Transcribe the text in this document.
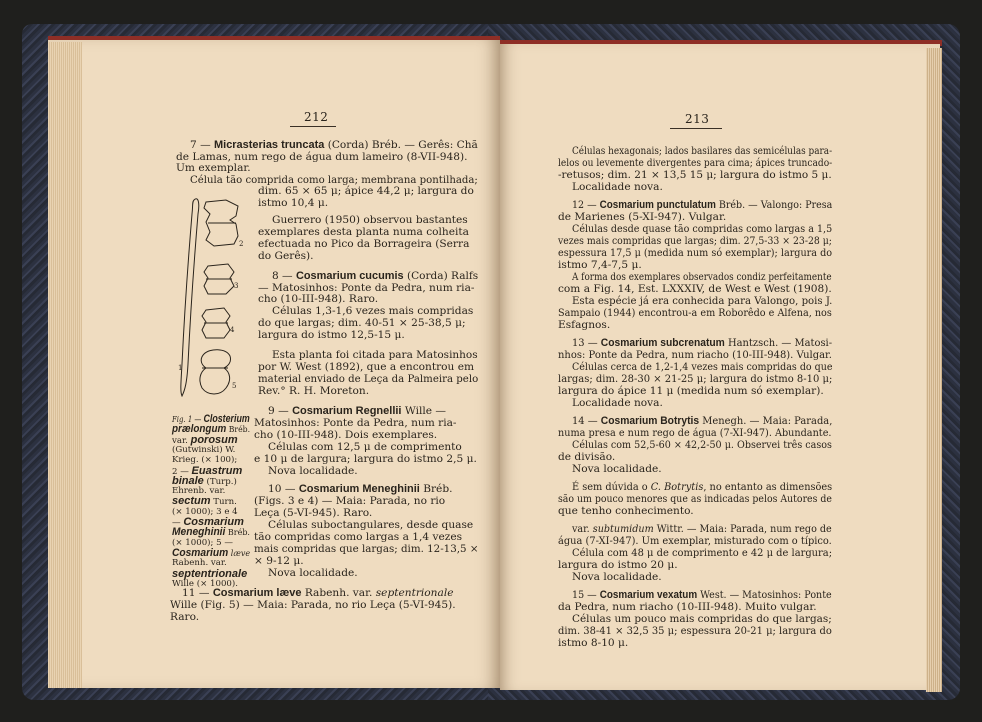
212	213
7 — Micrasterias truncata (Corda) Bréb. — Gerês: Chã
de Lamas, num rego de água dum lameiro (8-VII-948).
Um exemplar.
Célula tão comprida como larga; membrana pontilhada;
dim. 65 × 65 μ; ápice 44,2 μ; largura do
istmo 10,4 μ.
Guerrero (1950) observou bastantes
exemplares desta planta numa colheita
efectuada no Pico da Borrageira (Serra
do Gerês).
8 — Cosmarium cucumis (Corda) Ralfs
— Matosinhos: Ponte da Pedra, num ria-
cho (10-III-948). Raro.
Células 1,3-1,6 vezes mais compridas
do que largas; dim. 40-51 × 25-38,5 μ;
largura do istmo 12,5-15 μ.
Esta planta foi citada para Matosinhos
por W. West (1892), que a encontrou em
material enviado de Leça da Palmeira pelo
Rev.° R. H. Moreton.
9 — Cosmarium Regnellii Wille —
Matosinhos: Ponte da Pedra, num ria-
cho (10-III-948). Dois exemplares.
Células com 12,5 μ de comprimento
e 10 μ de largura; largura do istmo 2,5 μ.
Nova localidade.
10 — Cosmarium Meneghinii Bréb.
(Figs. 3 e 4) — Maia: Parada, no rio
Leça (5-VI-945). Raro.
Células suboctangulares, desde quase
tão compridas como largas a 1,4 vezes
mais compridas que largas; dim. 12-13,5 ×
× 9-12 μ.
Nova localidade.
11 — Cosmarium læve Rabenh. var. septentrionale
Wille (Fig. 5) — Maia: Parada, no rio Leça (5-VI-945).
Raro.
Fig. 1 — Closterium
prælongum Bréb.
var. porosum
(Gutwinski) W.
Krieg. (× 100);
2 — Euastrum
binale (Turp.)
Ehrenb. var.
sectum Turn.
(× 1000); 3 e 4
— Cosmarium
Meneghinii Bréb.
(× 1000); 5 —
Cosmarium læve
Rabenh. var.
septentrionale
Wille (× 1000).
Células hexagonais; lados basilares das semicélulas para-
lelos ou levemente divergentes para cima; ápices truncado-
-retusos; dim. 21 × 13,5 15 μ; largura do istmo 5 μ.
Localidade nova.
12 — Cosmarium punctulatum Bréb. — Valongo: Presa
de Marienes (5-XI-947). Vulgar.
Células desde quase tão compridas como largas a 1,5
vezes mais compridas que largas; dim. 27,5-33 × 23-28 μ;
espessura 17,5 μ (medida num só exemplar); largura do
istmo 7,4-7,5 μ.
A forma dos exemplares observados condiz perfeitamente
com a Fig. 14, Est. LXXXIV, de West e West (1908).
Esta espécie já era conhecida para Valongo, pois J.
Sampaio (1944) encontrou-a em Roborêdo e Alfena, nos
Esfagnos.
13 — Cosmarium subcrenatum Hantzsch. — Matosi-
nhos: Ponte da Pedra, num riacho (10-III-948). Vulgar.
Células cerca de 1,2-1,4 vezes mais compridas do que
largas; dim. 28-30 × 21-25 μ; largura do istmo 8-10 μ;
largura do ápice 11 μ (medida num só exemplar).
Localidade nova.
14 — Cosmarium Botrytis Menegh. — Maia: Parada,
numa presa e num rego de água (7-XI-947). Abundante.
Células com 52,5-60 × 42,2-50 μ. Observei três casos
de divisão.
Nova localidade.
É sem dúvida o C. Botrytis, no entanto as dimensões
são um pouco menores que as indicadas pelos Autores de
que tenho conhecimento.
var. subtumidum Wittr. — Maia: Parada, num rego de
água (7-XI-947). Um exemplar, misturado com o típico.
Célula com 48 μ de comprimento e 42 μ de largura;
largura do istmo 20 μ.
Nova localidade.
15 — Cosmarium vexatum West. — Matosinhos: Ponte
da Pedra, num riacho (10-III-948). Muito vulgar.
Células um pouco mais compridas do que largas;
dim. 38-41 × 32,5 35 μ; espessura 20-21 μ; largura do
istmo 8-10 μ.
1
2
3
4
5
